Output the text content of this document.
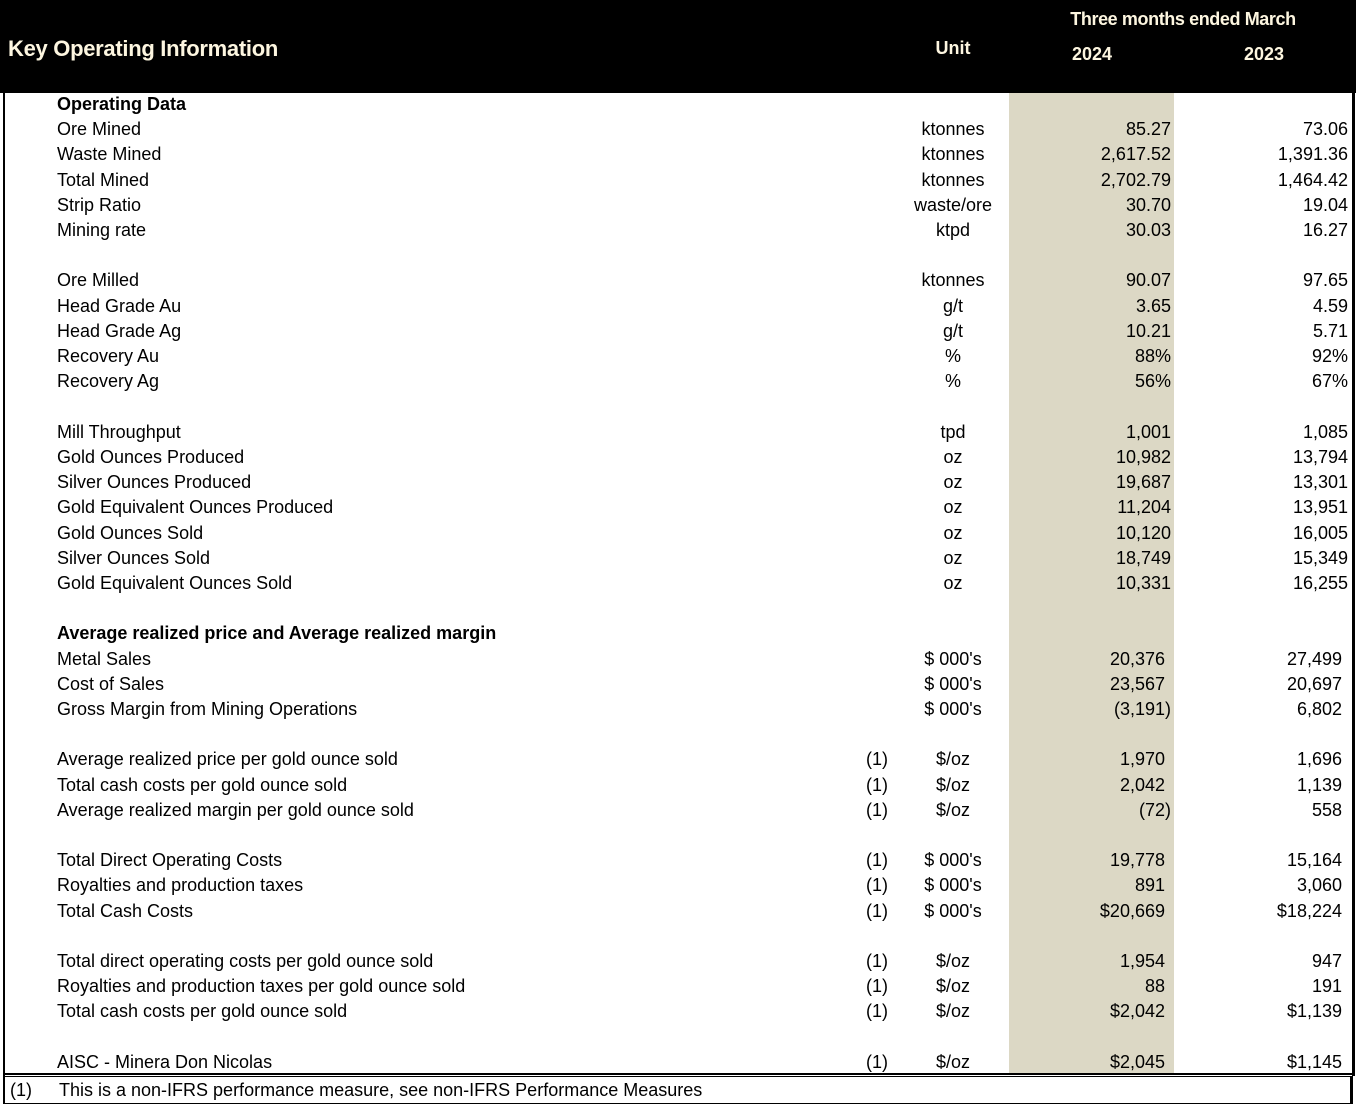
Key Operating Information	Unit
Three months ended March
2024	2023
Operating Data
Ore Mined	ktonnes	85.27	73.06
Waste Mined	ktonnes	2,617.52	1,391.36
Total Mined	ktonnes	2,702.79	1,464.42
Strip Ratio	waste/ore	30.70	19.04
Mining rate	ktpd	30.03	16.27
Ore Milled	ktonnes	90.07	97.65
Head Grade Au	g/t	3.65	4.59
Head Grade Ag	g/t	10.21	5.71
Recovery Au	%	88%	92%
Recovery Ag	%	56%	67%
Mill Throughput	tpd	1,001	1,085
Gold Ounces Produced	oz	10,982	13,794
Silver Ounces Produced	oz	19,687	13,301
Gold Equivalent Ounces Produced	oz	11,204	13,951
Gold Ounces Sold	oz	10,120	16,005
Silver Ounces Sold	oz	18,749	15,349
Gold Equivalent Ounces Sold	oz	10,331	16,255
Average realized price and Average realized margin
Metal Sales	$ 000's	20,376	27,499
Cost of Sales	$ 000's	23,567	20,697
Gross Margin from Mining Operations	$ 000's	(3,191)	6,802
Average realized price per gold ounce sold	(1)	$/oz	1,970	1,696
Total cash costs per gold ounce sold	(1)	$/oz	2,042	1,139
Average realized margin per gold ounce sold	(1)	$/oz	(72)	558
Total Direct Operating Costs	(1)	$ 000's	19,778	15,164
Royalties and production taxes	(1)	$ 000's	891	3,060
Total Cash Costs	(1)	$ 000's	$20,669	$18,224
Total direct operating costs per gold ounce sold	(1)	$/oz	1,954	947
Royalties and production taxes per gold ounce sold	(1)	$/oz	88	191
Total cash costs per gold ounce sold	(1)	$/oz	$2,042	$1,139
AISC - Minera Don Nicolas	(1)	$/oz	$2,045	$1,145
(1) This is a non-IFRS performance measure, see non-IFRS Performance Measures
